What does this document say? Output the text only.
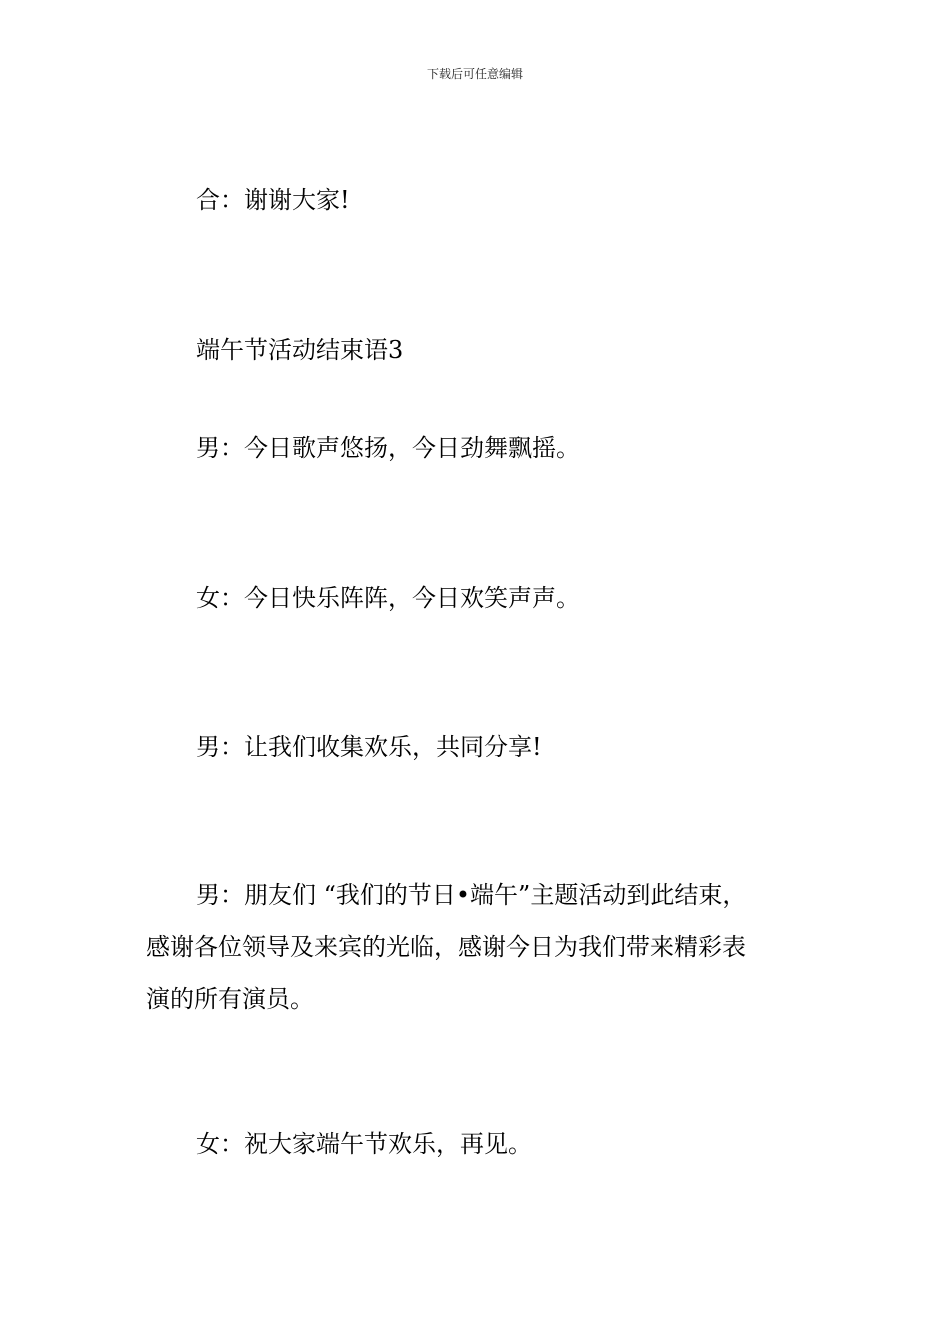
下载后可任意编辑
合：谢谢大家!
端午节活动结束语3
男：今日歌声悠扬，今日劲舞飘摇。
女：今日快乐阵阵，今日欢笑声声。
男：让我们收集欢乐，共同分享!
男：朋友们 “我们的节日•端午”主题活动到此结束，
感谢各位领导及来宾的光临，感谢今日为我们带来精彩表
演的所有演员。
女：祝大家端午节欢乐，再见。
